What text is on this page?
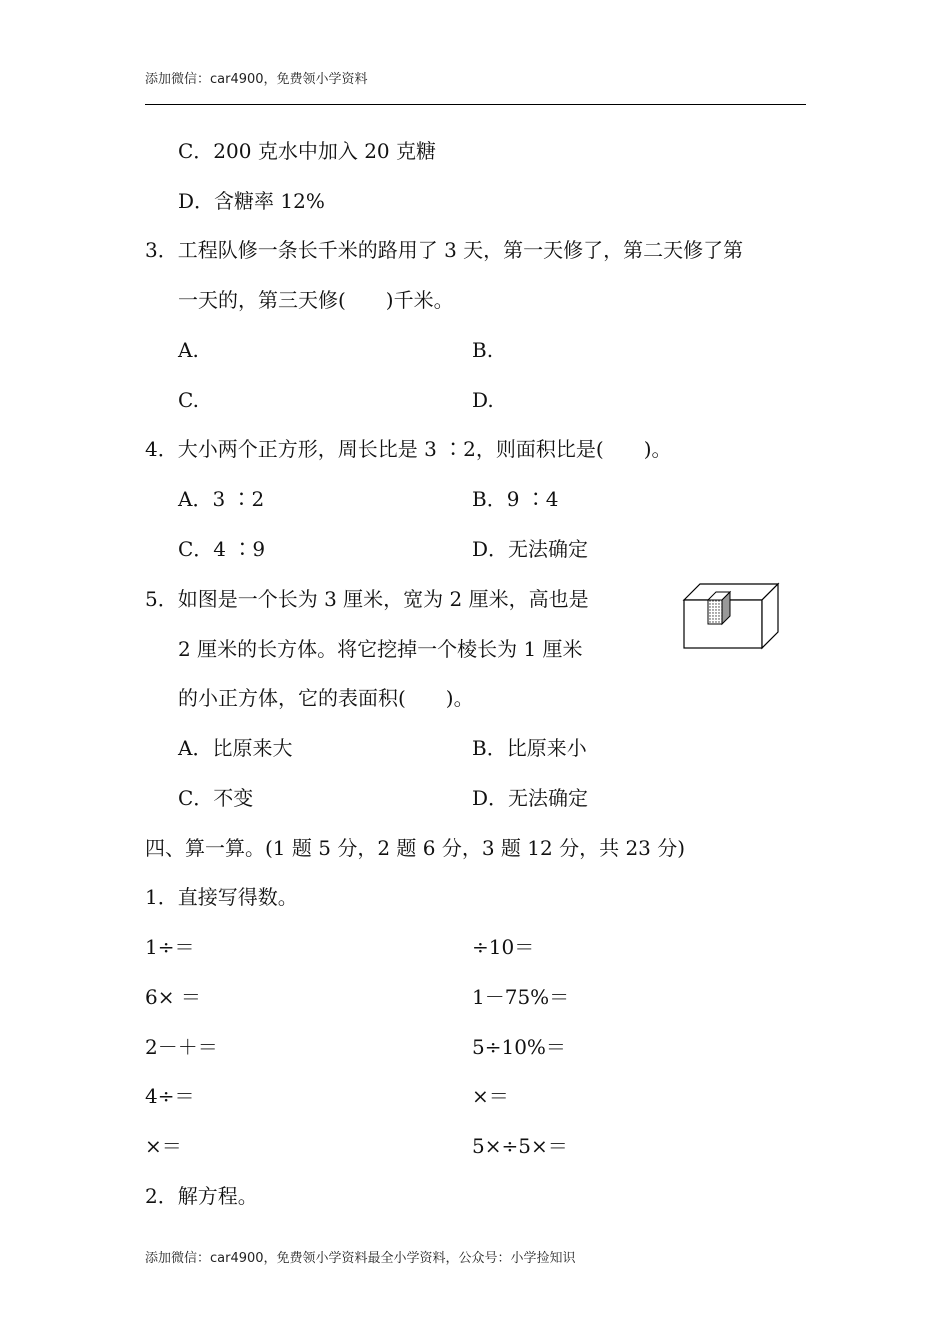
添加微信：car4900，免费领小学资料
C．200 克水中加入 20 克糖
D．含糖率 12%
3．工程队修一条长千米的路用了 3 天，第一天修了，第二天修了第
一天的，第三天修(　　)千米。
A.	B.
C.	D.
4．大小两个正方形，周长比是 3 ∶2，则面积比是(　　)。
A．3 ∶2	B．9 ∶4
C．4 ∶9	D．无法确定
5．如图是一个长为 3 厘米，宽为 2 厘米，高也是
2 厘米的长方体。将它挖掉一个棱长为 1 厘米
的小正方体，它的表面积(　　)。
A．比原来大	B．比原来小
C．不变	D．无法确定
四、算一算。(1 题 5 分，2 题 6 分，3 题 12 分，共 23 分)
1．直接写得数。
1÷＝	÷10＝
6× ＝	1－75%＝
2－＋＝	5÷10%＝
4÷＝	×＝
×＝	5×÷5×＝
2．解方程。
添加微信：car4900，免费领小学资料最全小学资料，公众号：小学捡知识
